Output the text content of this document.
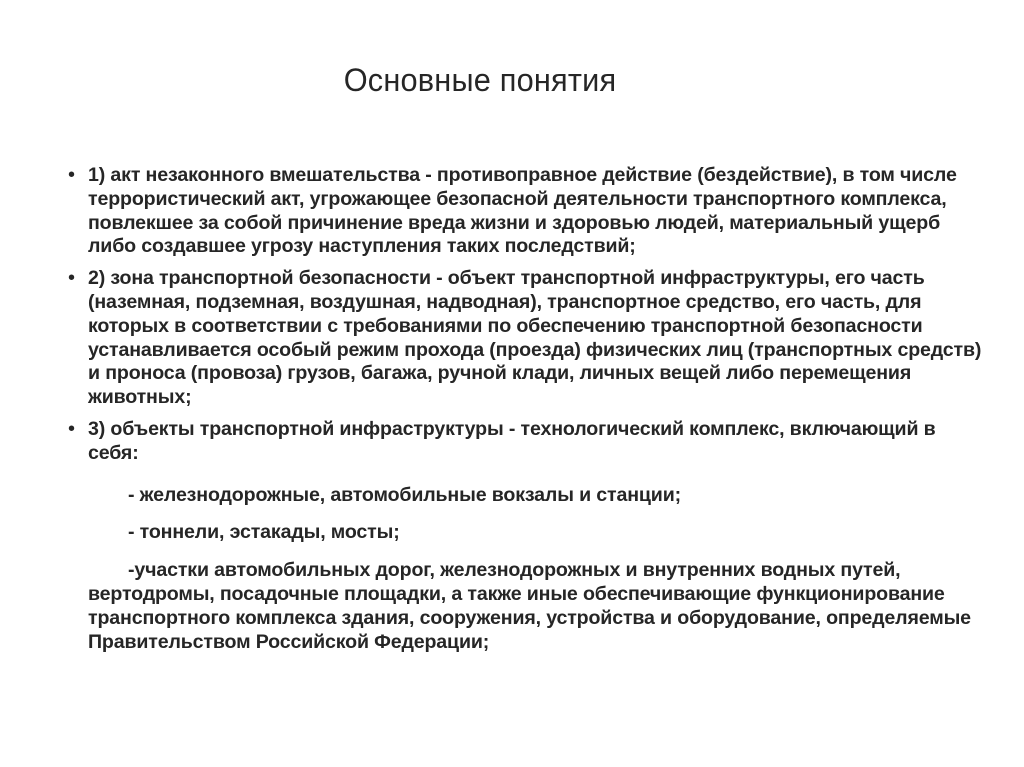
Основные понятия
• 1) акт незаконного вмешательства - противоправное действие (бездействие), в том числе террористический акт, угрожающее безопасной деятельности транспортного комплекса, повлекшее за собой причинение вреда жизни и здоровью людей, материальный ущерб либо создавшее угрозу наступления таких последствий;
• 2) зона транспортной безопасности - объект транспортной инфраструктуры, его часть (наземная, подземная, воздушная, надводная), транспортное средство, его часть, для которых в соответствии с требованиями по обеспечению транспортной безопасности устанавливается особый режим прохода (проезда) физических лиц (транспортных средств) и проноса (провоза) грузов, багажа, ручной клади, личных вещей либо перемещения животных;
• 3) объекты транспортной инфраструктуры - технологический комплекс, включающий в себя:
- железнодорожные, автомобильные вокзалы и станции;
- тоннели, эстакады, мосты;
-участки автомобильных дорог, железнодорожных и внутренних водных путей, вертодромы, посадочные площадки, а также иные обеспечивающие функционирование транспортного комплекса здания, сооружения, устройства и оборудование, определяемые Правительством Российской Федерации;
